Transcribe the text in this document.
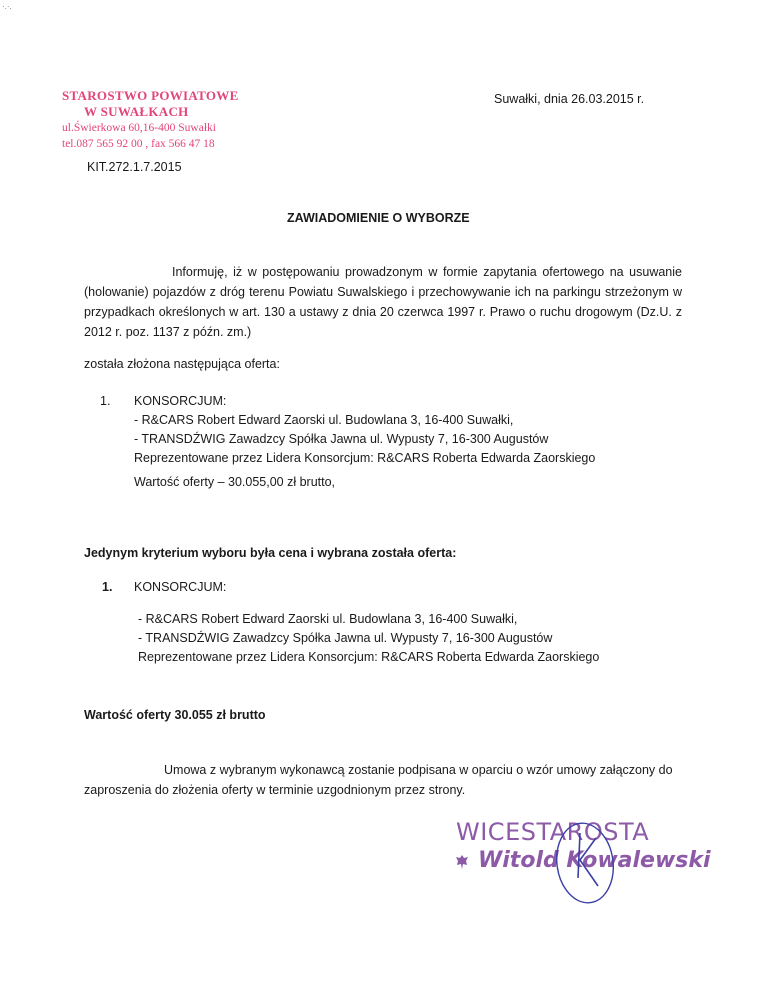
·.·.
STAROSTWO POWIATOWE
W SUWAŁKACH
ul.Świerkowa 60,16-400 Suwałki
tel.087 565 92 00 , fax 566 47 18
Suwałki, dnia 26.03.2015 r.
KIT.272.1.7.2015
ZAWIADOMIENIE O WYBORZE
Informuję, iż w postępowaniu prowadzonym w formie zapytania ofertowego na usuwanie (holowanie) pojazdów z dróg terenu Powiatu Suwalskiego i przechowywanie ich na parkingu strzeżonym w przypadkach określonych w art. 130 a ustawy z dnia 20 czerwca 1997 r. Prawo o ruchu drogowym (Dz.U. z 2012 r. poz. 1137 z późn. zm.)
została złożona następująca oferta:
1. KONSORCJUM:
- R&CARS Robert Edward Zaorski ul. Budowlana 3, 16-400 Suwałki,
- TRANSDŹWIG Zawadzcy Spółka Jawna ul. Wypusty 7, 16-300 Augustów
Reprezentowane przez Lidera Konsorcjum: R&CARS Roberta Edwarda Zaorskiego
Wartość oferty – 30.055,00 zł brutto,
Jedynym kryterium wyboru była cena i wybrana została oferta:
1. KONSORCJUM:
- R&CARS Robert Edward Zaorski ul. Budowlana 3, 16-400 Suwałki,
- TRANSDŹWIG Zawadzcy Spółka Jawna ul. Wypusty 7, 16-300 Augustów
Reprezentowane przez Lidera Konsorcjum: R&CARS Roberta Edwarda Zaorskiego
Wartość oferty 30.055 zł brutto
Umowa z wybranym wykonawcą zostanie podpisana w oparciu o wzór umowy załączony do zaproszenia do złożenia oferty w terminie uzgodnionym przez strony.
WICESTAROSTA
Witold Kowalewski
